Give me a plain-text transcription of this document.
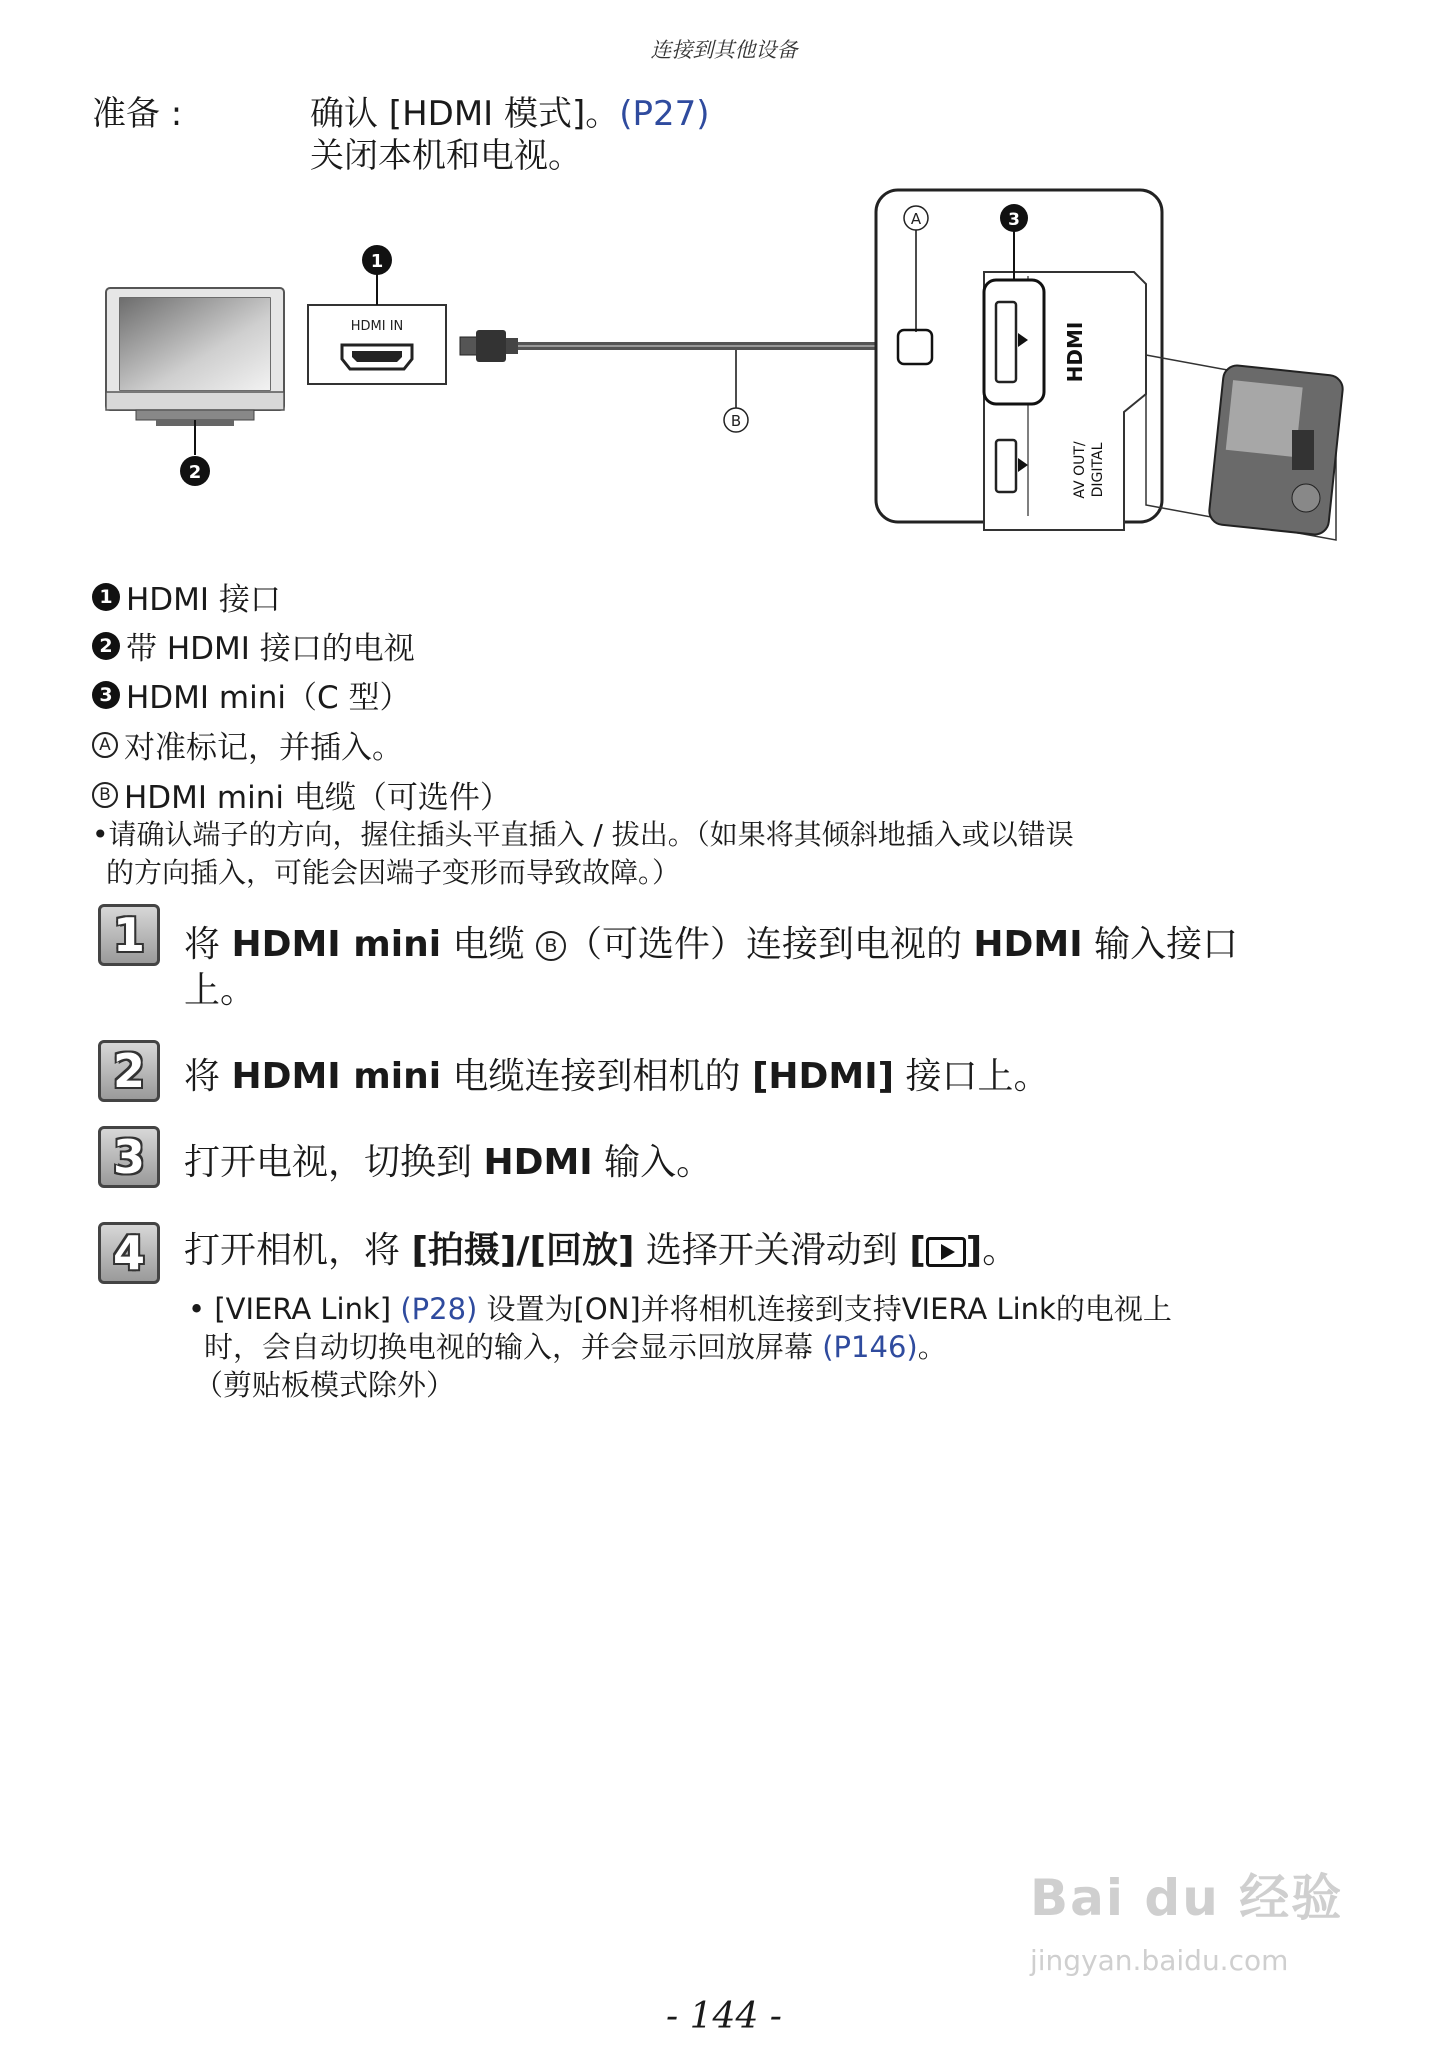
连接到其他设备
准备 :	确认 [HDMI 模式]。(P27)
关闭本机和电视。
2
HDMI IN
1
B
HDMI
AV OUT/ DIGITAL
3
A
1 HDMI 接口
2 带 HDMI 接口的电视
3 HDMI mini（C 型）
A 对准标记，并插入。
B HDMI mini 电缆（可选件）
•请确认端子的方向，握住插头平直插入 / 拔出。（如果将其倾斜地插入或以错误
的方向插入，可能会因端子变形而导致故障。）
1	将 HDMI mini 电缆 B （可选件）连接到电视的 HDMI 输入接口
上。
2	将 HDMI mini 电缆连接到相机的 [HDMI] 接口上。
3	打开电视，切换到 HDMI 输入。
4	打开相机，将 [拍摄]/[回放] 选择开关滑动到 [ ]。
• [VIERA Link] (P28) 设置为[ON]并将相机连接到支持VIERA Link的电视上
时，会自动切换电视的输入，并会显示回放屏幕 (P146)。
（剪贴板模式除外）
Bai du 经验
jingyan.baidu.com
- 144 -
